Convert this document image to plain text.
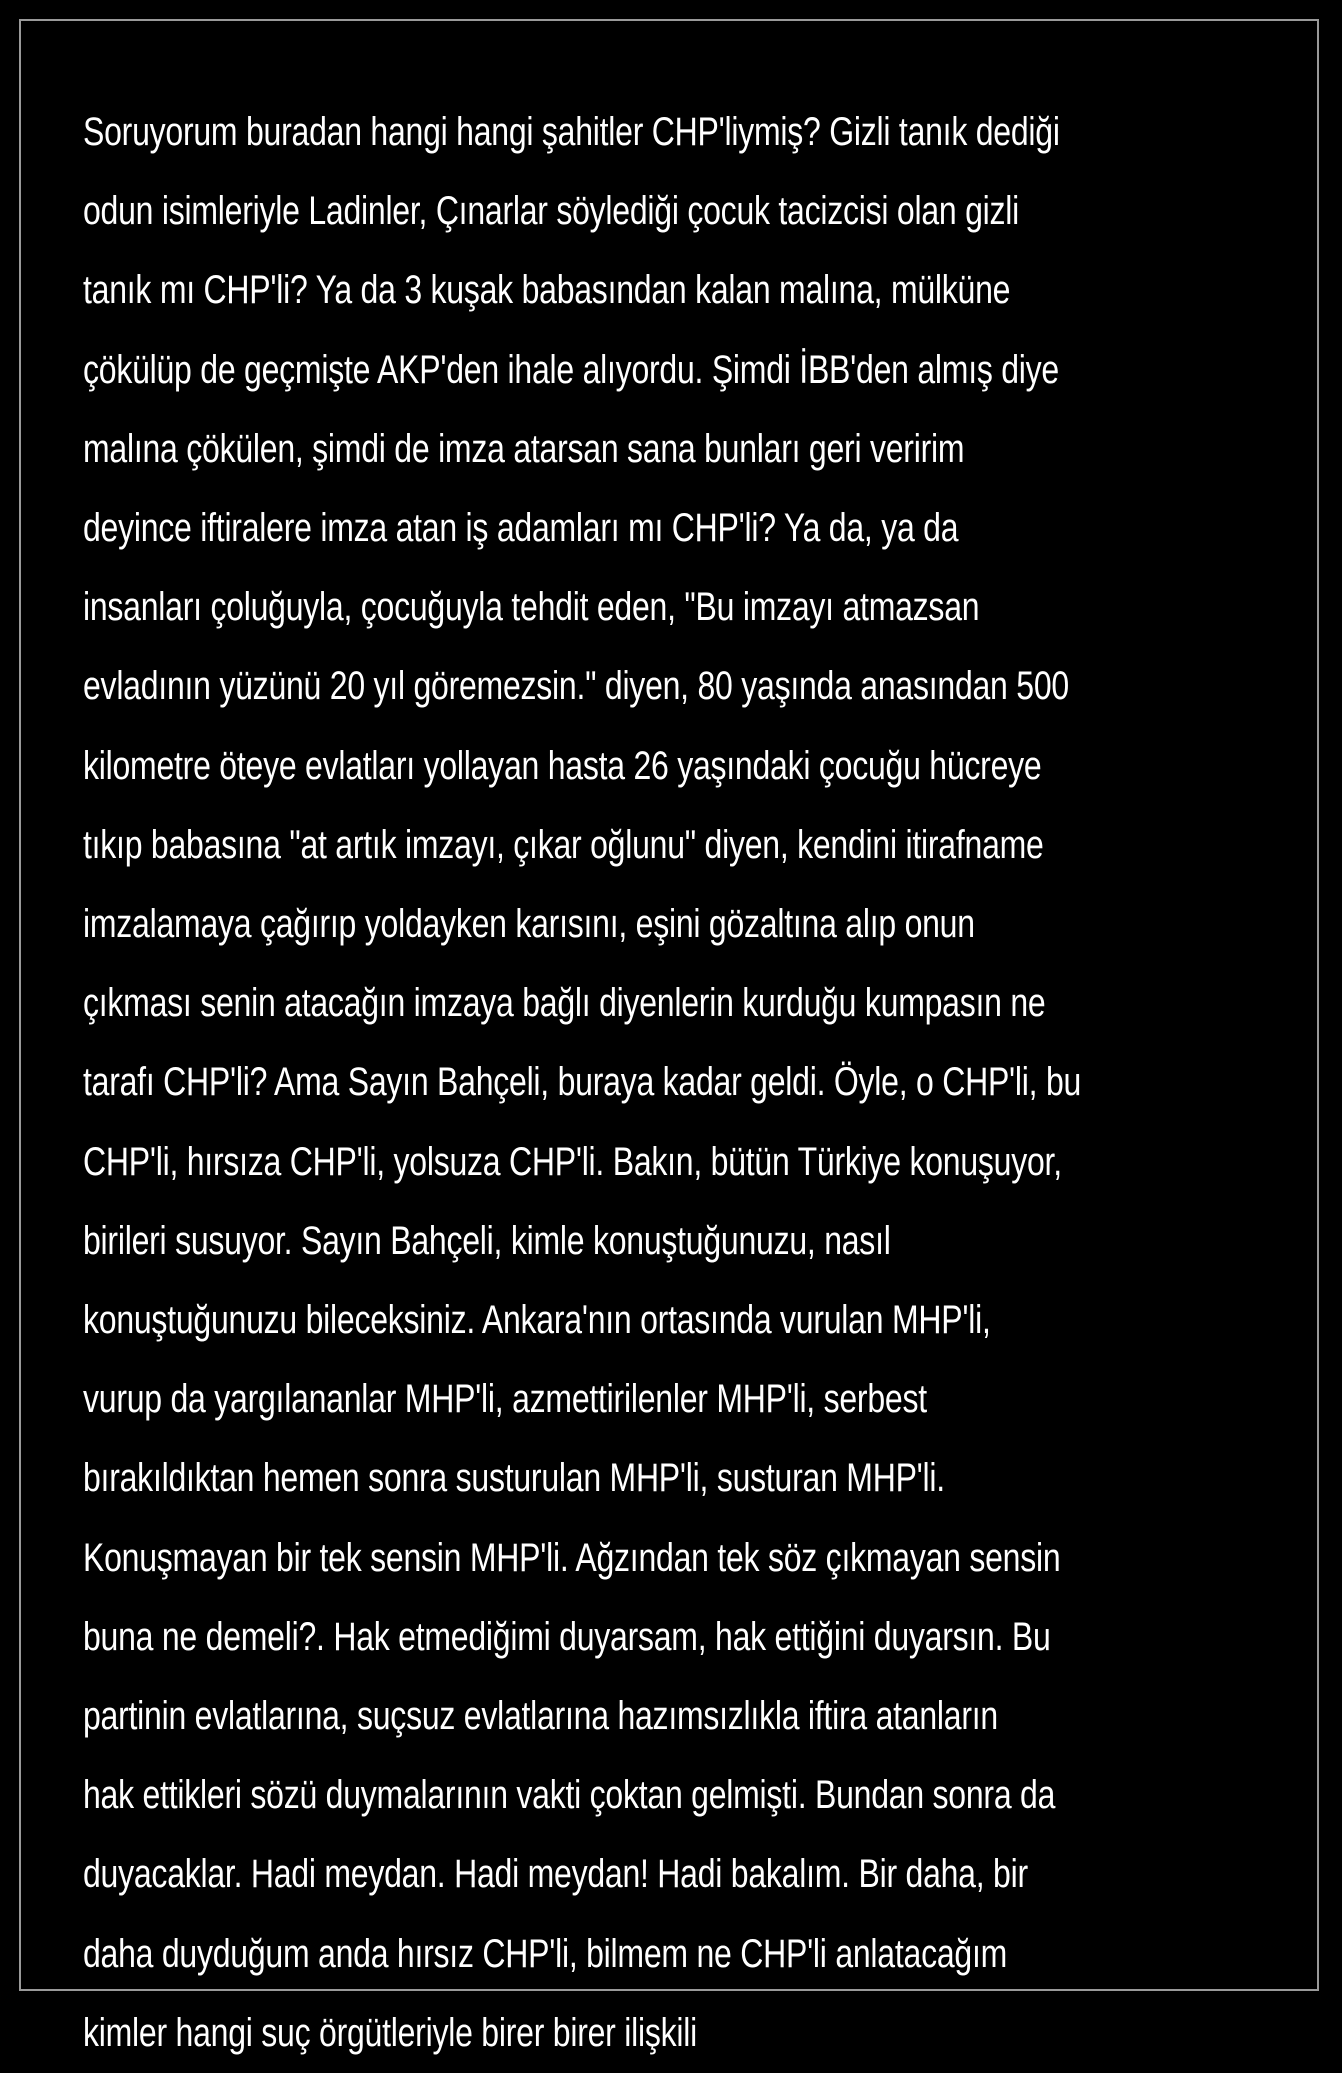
Soruyorum buradan hangi hangi şahitler CHP'liymiş? Gizli tanık dediği
odun isimleriyle Ladinler, Çınarlar söylediği çocuk tacizcisi olan gizli
tanık mı CHP'li? Ya da 3 kuşak babasından kalan malına, mülküne
çökülüp de geçmişte AKP'den ihale alıyordu. Şimdi İBB'den almış diye
malına çökülen, şimdi de imza atarsan sana bunları geri veririm
deyince iftiralere imza atan iş adamları mı CHP'li? Ya da, ya da
insanları çoluğuyla, çocuğuyla tehdit eden, "Bu imzayı atmazsan
evladının yüzünü 20 yıl göremezsin." diyen, 80 yaşında anasından 500
kilometre öteye evlatları yollayan hasta 26 yaşındaki çocuğu hücreye
tıkıp babasına "at artık imzayı, çıkar oğlunu" diyen, kendini itirafname
imzalamaya çağırıp yoldayken karısını, eşini gözaltına alıp onun
çıkması senin atacağın imzaya bağlı diyenlerin kurduğu kumpasın ne
tarafı CHP'li? Ama Sayın Bahçeli, buraya kadar geldi. Öyle, o CHP'li, bu
CHP'li, hırsıza CHP'li, yolsuza CHP'li. Bakın, bütün Türkiye konuşuyor,
birileri susuyor. Sayın Bahçeli, kimle konuştuğunuzu, nasıl
konuştuğunuzu bileceksiniz. Ankara'nın ortasında vurulan MHP'li,
vurup da yargılananlar MHP'li, azmettirilenler MHP'li, serbest
bırakıldıktan hemen sonra susturulan MHP'li, susturan MHP'li.
Konuşmayan bir tek sensin MHP'li. Ağzından tek söz çıkmayan sensin
buna ne demeli?. Hak etmediğimi duyarsam, hak ettiğini duyarsın. Bu
partinin evlatlarına, suçsuz evlatlarına hazımsızlıkla iftira atanların
hak ettikleri sözü duymalarının vakti çoktan gelmişti. Bundan sonra da
duyacaklar. Hadi meydan. Hadi meydan! Hadi bakalım. Bir daha, bir
daha duyduğum anda hırsız CHP'li, bilmem ne CHP'li anlatacağım
kimler hangi suç örgütleriyle birer birer ilişkili
